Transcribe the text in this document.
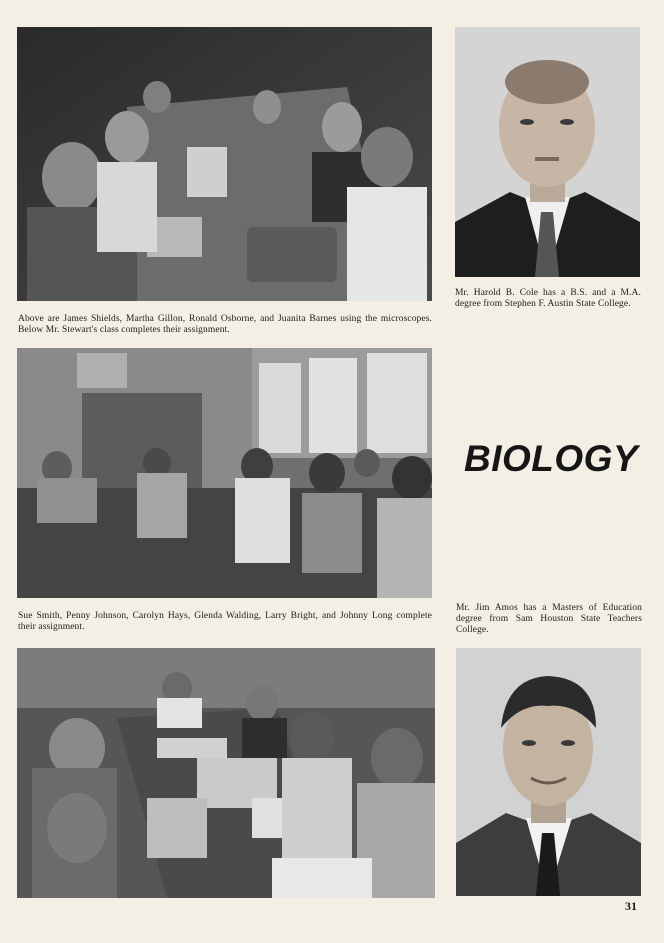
Above are James Shields, Martha Gillon, Ronald Osborne, and Juanita Barnes using the microscopes. Below Mr. Stewart's class completes their assignment.

Mr. Harold B. Cole has a B.S. and a M.A. degree from Stephen F. Austin State College.

BIOLOGY

Sue Smith, Penny Johnson, Carolyn Hays, Glenda Walding, Larry Bright, and Johnny Long complete their assignment.

Mr. Jim Amos has a Masters of Education degree from Sam Houston State Teachers College.

31
